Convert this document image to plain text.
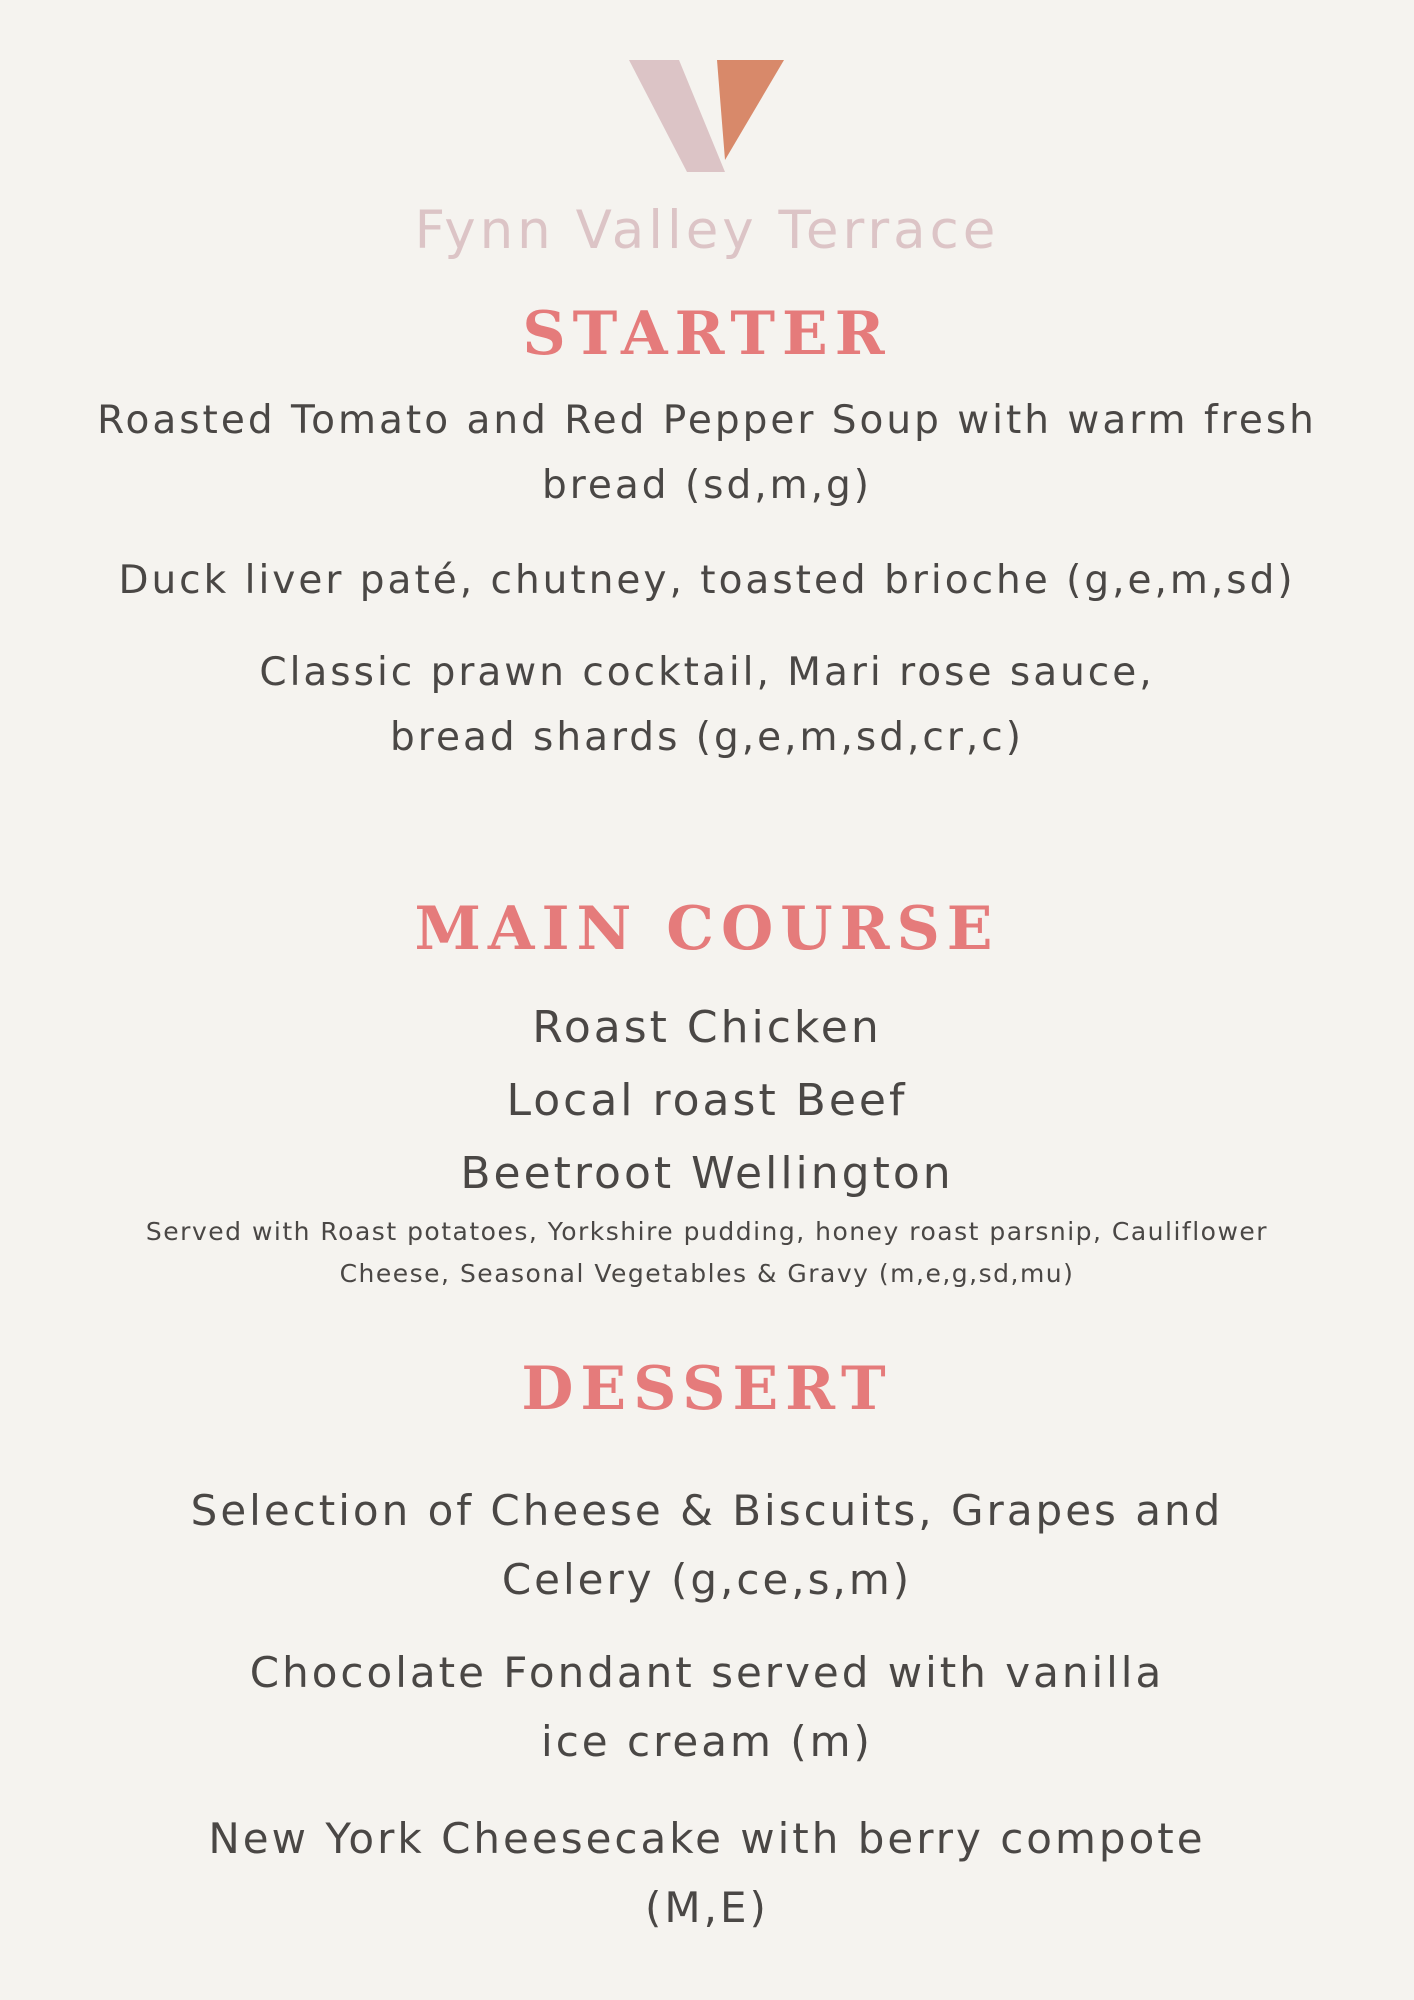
Fynn Valley Terrace
STARTER

Roasted Tomato and Red Pepper Soup with warm fresh bread (sd,m,g)

Duck liver paté, chutney, toasted brioche (g,e,m,sd)

Classic prawn cocktail, Mari rose sauce, bread shards (g,e,m,sd,cr,c)

MAIN COURSE
Roast Chicken
Local roast Beef
Beetroot Wellington

Served with Roast potatoes, Yorkshire pudding, honey roast parsnip, Cauliflower Cheese, Seasonal Vegetables & Gravy (m,e,g,sd,mu)

DESSERT

Selection of Cheese & Biscuits, Grapes and Celery (g,ce,s,m)

Chocolate Fondant served with vanilla ice cream (m)

New York Cheesecake with berry compote (M,E)
